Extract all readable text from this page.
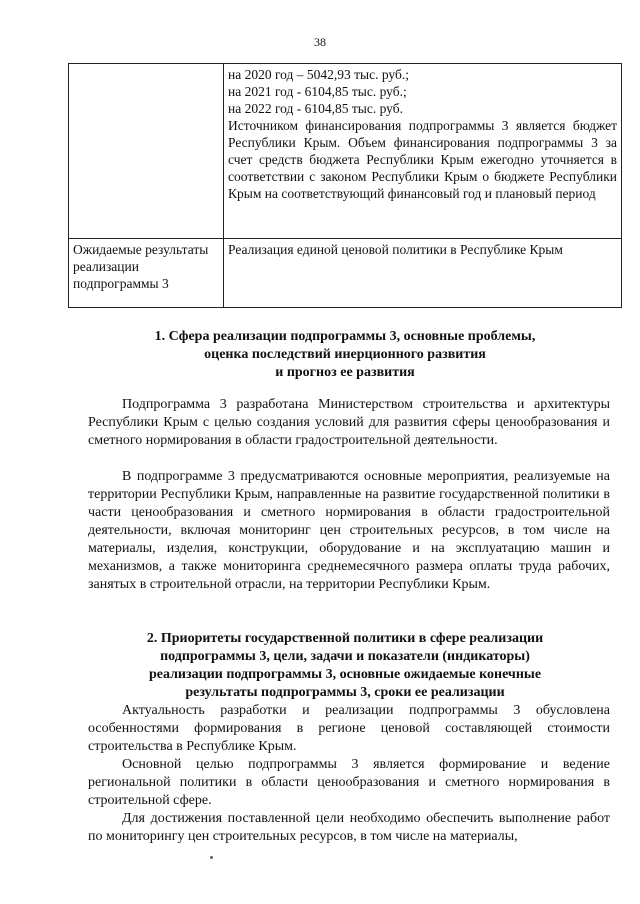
38

	на 2020 год – 5042,93 тыс. руб.;
на 2021 год - 6104,85 тыс. руб.;
на 2022 год - 6104,85 тыс. руб.
Источником финансирования подпрограммы 3 является бюджет Республики Крым. Объем финансирования подпрограммы 3 за счет средств бюджета Республики Крым ежегодно уточняется в соответствии с законом Республики Крым о бюджете Республики Крым на соответствующий финансовый год и плановый период

Ожидаемые результаты реализации подпрограммы 3	Реализация единой ценовой политики в Республике Крым
1. Сфера реализации подпрограммы 3, основные проблемы,
оценка последствий инерционного развития
и прогноз ее развития

Подпрограмма 3 разработана Министерством строительства и архитектуры Республики Крым с целью создания условий для развития сферы ценообразования и сметного нормирования в области градостроительной деятельности.

В подпрограмме 3 предусматриваются основные мероприятия, реализуемые на территории Республики Крым, направленные на развитие государственной политики в части ценообразования и сметного нормирования в области градостроительной деятельности, включая мониторинг цен строительных ресурсов, в том числе на материалы, изделия, конструкции, оборудование и на эксплуатацию машин и механизмов, а также мониторинга среднемесячного размера оплаты труда рабочих, занятых в строительной отрасли, на территории Республики Крым.

2. Приоритеты государственной политики в сфере реализации
подпрограммы 3, цели, задачи и показатели (индикаторы)
реализации подпрограммы 3, основные ожидаемые конечные
результаты подпрограммы 3, сроки ее реализации

Актуальность разработки и реализации подпрограммы 3 обусловлена особенностями формирования в регионе ценовой составляющей стоимости строительства в Республике Крым.

Основной целью подпрограммы 3 является формирование и ведение региональной политики в области ценообразования и сметного нормирования в строительной сфере.

Для достижения поставленной цели необходимо обеспечить выполнение работ по мониторингу цен строительных ресурсов, в том числе на материалы,
